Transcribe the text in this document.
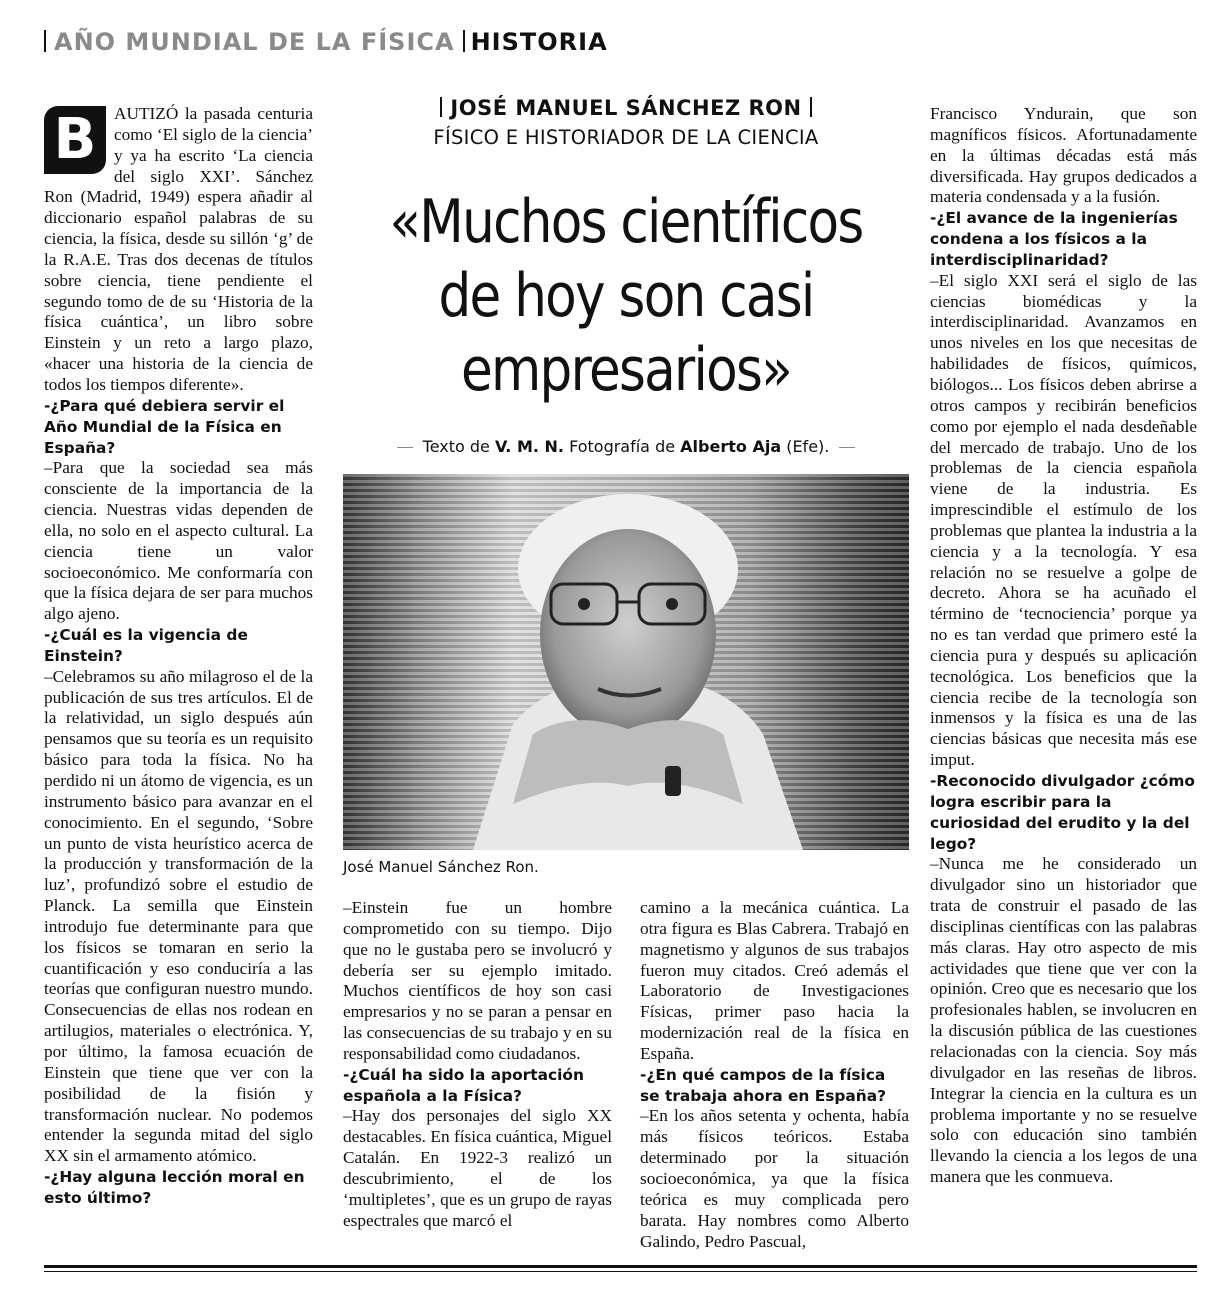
AÑO MUNDIAL DE LA FÍSICA HISTORIA
JOSÉ MANUEL SÁNCHEZ RON
FÍSICO E HISTORIADOR DE LA CIENCIA
«Muchos científicos
de hoy son casi
empresarios»
Texto de V. M. N. Fotografía de Alberto Aja (Efe).
José Manuel Sánchez Ron.
B	AUTIZÓ la pasada centuria como ‘El siglo de la ciencia’ y ya ha escrito ‘La ciencia del siglo XXI’. Sánchez Ron (Madrid, 1949) espera añadir al diccionario español palabras de su ciencia, la física, desde su sillón ‘g’ de la R.A.E. Tras dos decenas de títulos sobre ciencia, tiene pendiente el segundo tomo de de su ‘Historia de la física cuántica’, un libro sobre Einstein y un reto a largo plazo, «hacer una historia de la ciencia de todos los tiempos diferente».

-¿Para qué debiera servir el Año Mundial de la Física en España?

–Para que la sociedad sea más consciente de la importancia de la ciencia. Nuestras vidas dependen de ella, no solo en el aspecto cultural. La ciencia tiene un valor socioeconómico. Me conformaría con que la física dejara de ser para muchos algo ajeno.

-¿Cuál es la vigencia de Einstein?

–Celebramos su año milagroso el de la publicación de sus tres artículos. El de la relatividad, un siglo después aún pensamos que su teoría es un requisito básico para toda la física. No ha perdido ni un átomo de vigencia, es un instrumento básico para avanzar en el conocimiento. En el segundo, ‘Sobre un punto de vista heurístico acerca de la producción y transformación de la luz’, profundizó sobre el estudio de Planck. La semilla que Einstein introdujo fue determinante para que los físicos se tomaran en serio la cuantificación y eso conduciría a las teorías que configuran nuestro mundo. Consecuencias de ellas nos rodean en artilugios, materiales o electrónica. Y, por último, la famosa ecuación de Einstein que tiene que ver con la posibilidad de la fisión y transformación nuclear. No podemos entender la segunda mitad del siglo XX sin el armamento atómico.

-¿Hay alguna lección moral en esto último?

–Einstein fue un hombre comprometido con su tiempo. Dijo que no le gustaba pero se involucró y debería ser su ejemplo imitado. Muchos científicos de hoy son casi empresarios y no se paran a pensar en las consecuencias de su trabajo y en su responsabilidad como ciudadanos.

-¿Cuál ha sido la aportación española a la Física?

–Hay dos personajes del siglo XX destacables. En física cuántica, Miguel Catalán. En 1922-3 realizó un descubrimiento, el de los ‘multipletes’, que es un grupo de rayas espectrales que marcó el

camino a la mecánica cuántica. La otra figura es Blas Cabrera. Trabajó en magnetismo y algunos de sus trabajos fueron muy citados. Creó además el Laboratorio de Investigaciones Físicas, primer paso hacia la modernización real de la física en España.

-¿En qué campos de la física se trabaja ahora en España?

–En los años setenta y ochenta, había más físicos teóricos. Estaba determinado por la situación socioeconómica, ya que la física teórica es muy complicada pero barata. Hay nombres como Alberto Galindo, Pedro Pascual,

Francisco Yndurain, que son magníficos físicos. Afortunadamente en la últimas décadas está más diversificada. Hay grupos dedicados a materia condensada y a la fusión.

-¿El avance de la ingenierías condena a los físicos a la interdisciplinaridad?

–El siglo XXI será el siglo de las ciencias biomédicas y la interdisciplinaridad. Avanzamos en unos niveles en los que necesitas de habilidades de físicos, químicos, biólogos... Los físicos deben abrirse a otros campos y recibirán beneficios como por ejemplo el nada desdeñable del mercado de trabajo. Uno de los problemas de la ciencia española viene de la industria. Es imprescindible el estímulo de los problemas que plantea la industria a la ciencia y a la tecnología. Y esa relación no se resuelve a golpe de decreto. Ahora se ha acuñado el término de ‘tecnociencia’ porque ya no es tan verdad que primero esté la ciencia pura y después su aplicación tecnológica. Los beneficios que la ciencia recibe de la tecnología son inmensos y la física es una de las ciencias básicas que necesita más ese imput.

-Reconocido divulgador ¿cómo logra escribir para la curiosidad del erudito y la del lego?

–Nunca me he considerado un divulgador sino un historiador que trata de construir el pasado de las disciplinas científicas con las palabras más claras. Hay otro aspecto de mis actividades que tiene que ver con la opinión. Creo que es necesario que los profesionales hablen, se involucren en la discusión pública de las cuestiones relacionadas con la ciencia. Soy más divulgador en las reseñas de libros. Integrar la ciencia en la cultura es un problema importante y no se resuelve solo con educación sino también llevando la ciencia a los legos de una manera que les conmueva.
